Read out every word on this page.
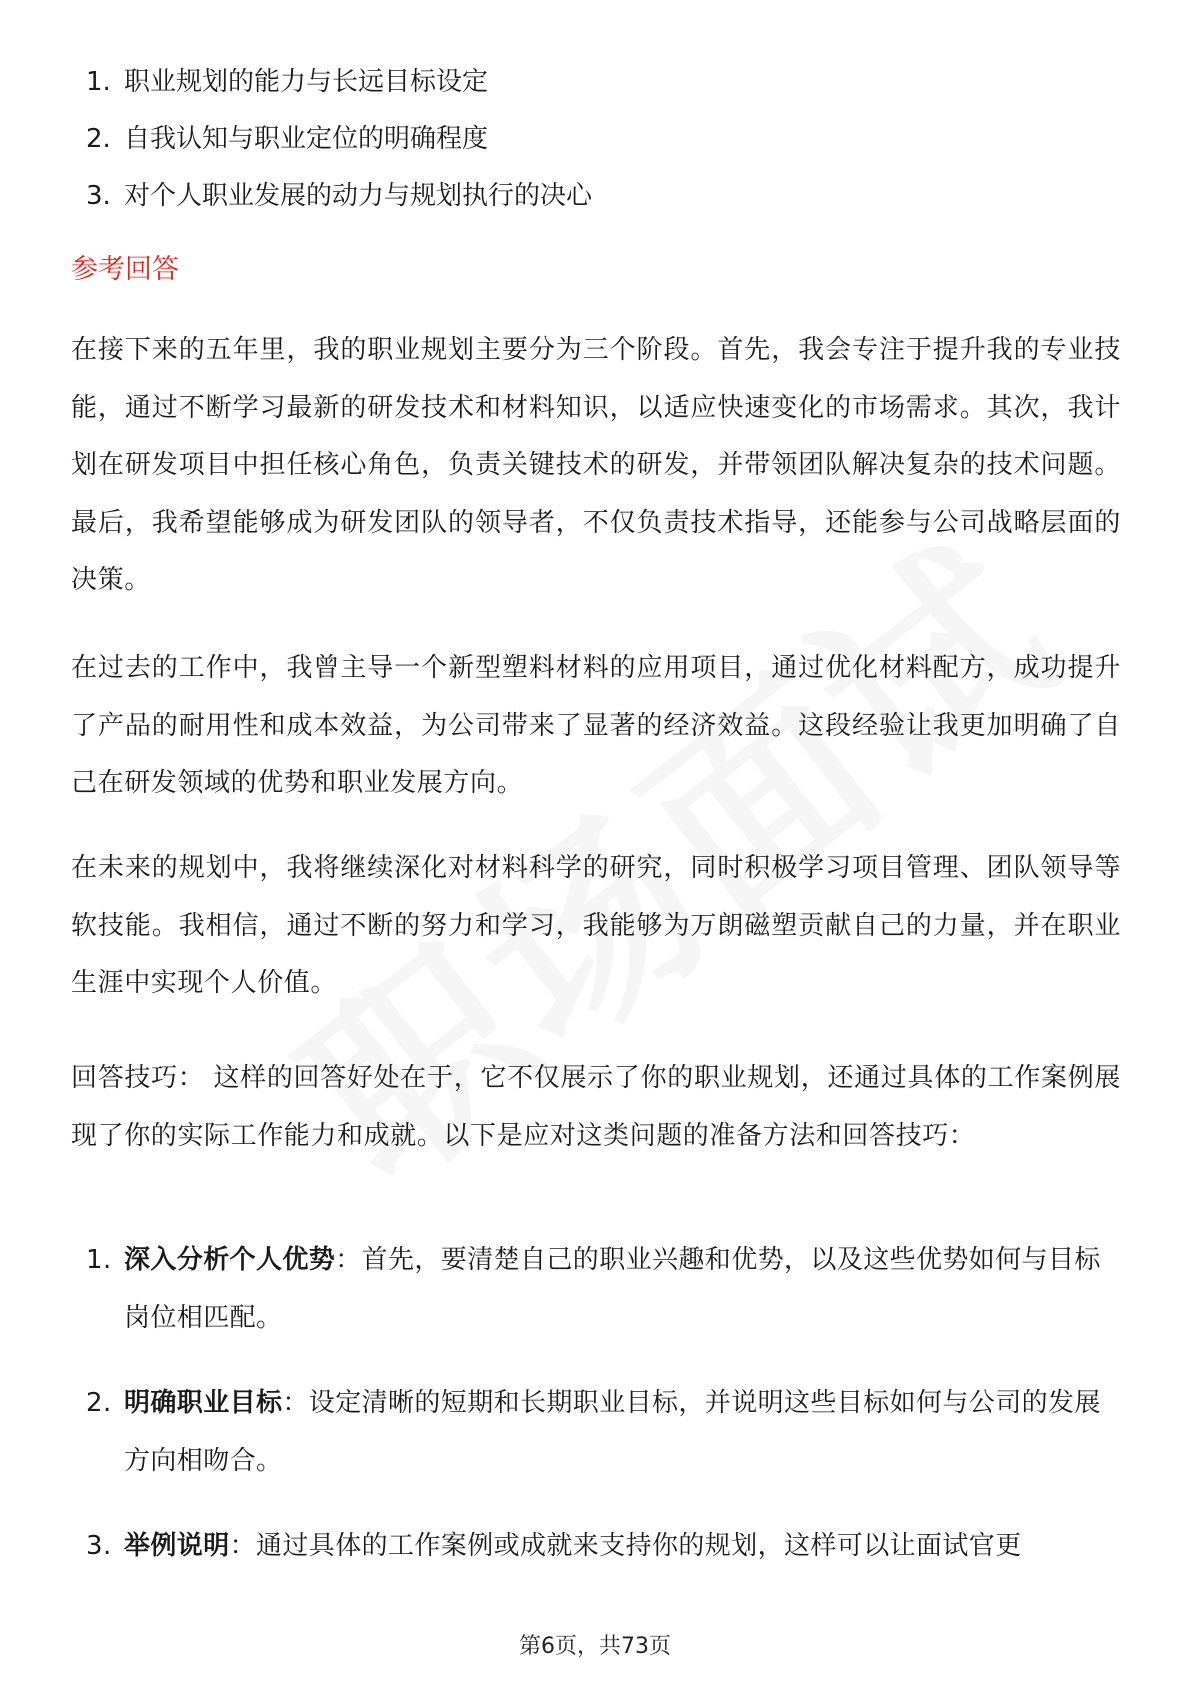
1. 职业规划的能力与长远目标设定
2. 自我认知与职业定位的明确程度
3. 对个人职业发展的动力与规划执行的决心
参考回答

在接下来的五年里，我的职业规划主要分为三个阶段。首先，我会专注于提升我的专业技能，通过不断学习最新的研发技术和材料知识，以适应快速变化的市场需求。其次，我计划在研发项目中担任核心角色，负责关键技术的研发，并带领团队解决复杂的技术问题。最后，我希望能够成为研发团队的领导者，不仅负责技术指导，还能参与公司战略层面的决策。

在过去的工作中，我曾主导一个新型塑料材料的应用项目，通过优化材料配方，成功提升了产品的耐用性和成本效益，为公司带来了显著的经济效益。这段经验让我更加明确了自己在研发领域的优势和职业发展方向。

在未来的规划中，我将继续深化对材料科学的研究，同时积极学习项目管理、团队领导等软技能。我相信，通过不断的努力和学习，我能够为万朗磁塑贡献自己的力量，并在职业生涯中实现个人价值。

回答技巧： 这样的回答好处在于，它不仅展示了你的职业规划，还通过具体的工作案例展现了你的实际工作能力和成就。以下是应对这类问题的准备方法和回答技巧：

1. 深入分析个人优势：首先，要清楚自己的职业兴趣和优势，以及这些优势如何与目标岗位相匹配。
2. 明确职业目标：设定清晰的短期和长期职业目标，并说明这些目标如何与公司的发展方向相吻合。
3. 举例说明：通过具体的工作案例或成就来支持你的规划，这样可以让面试官更
第6页，共73页
